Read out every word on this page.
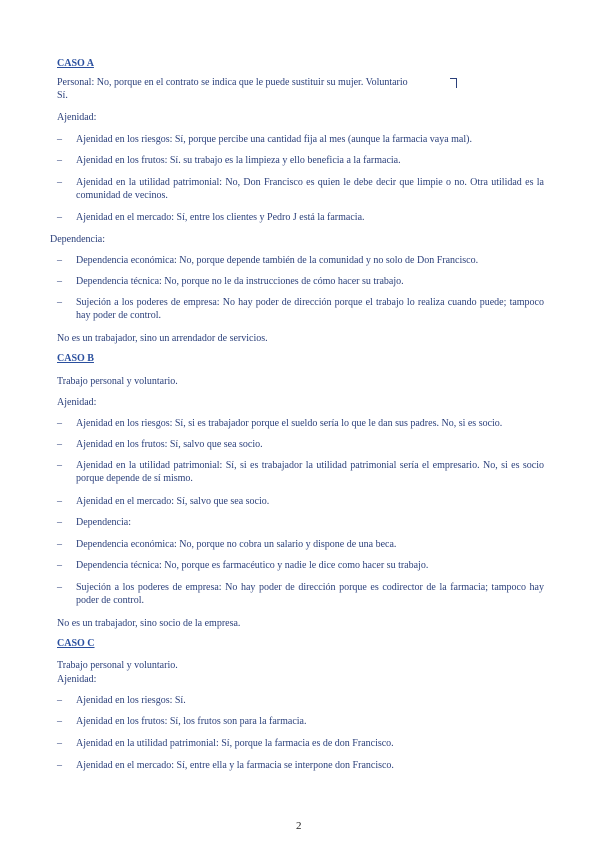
CASO A
Personal: No, porque en el contrato se indica que le puede sustituir su mujer. Voluntario
Sí.
Ajenidad:
– Ajenidad en los riesgos: Sí, porque percibe una cantidad fija al mes (aunque la farmacia vaya mal).
– Ajenidad en los frutos: Sí. su trabajo es la limpieza y ello beneficia a la farmacia.
– Ajenidad en la utilidad patrimonial: No, Don Francisco es quien le debe decir que limpie o no. Otra utilidad es la comunidad de vecinos.
– Ajenidad en el mercado: Sí, entre los clientes y Pedro J está la farmacia.
Dependencia:
– Dependencia económica: No, porque depende también de la comunidad y no solo de Don Francisco.
– Dependencia técnica: No, porque no le da instrucciones de cómo hacer su trabajo.
– Sujeción a los poderes de empresa: No hay poder de dirección porque el trabajo lo realiza cuando puede; tampoco hay poder de control.
No es un trabajador, sino un arrendador de servicios.
CASO B
Trabajo personal y voluntario.
Ajenidad:
– Ajenidad en los riesgos: Sí, si es trabajador porque el sueldo sería lo que le dan sus padres. No, si es socio.
– Ajenidad en los frutos: Sí, salvo que sea socio.
– Ajenidad en la utilidad patrimonial: Sí, si es trabajador la utilidad patrimonial sería el empresario. No, si es socio porque depende de sí mismo.
– Ajenidad en el mercado: Sí, salvo que sea socio.
– Dependencia:
– Dependencia económica: No, porque no cobra un salario y dispone de una beca.
– Dependencia técnica: No, porque es farmacéutico y nadie le dice como hacer su trabajo.
– Sujeción a los poderes de empresa: No hay poder de dirección porque es codirector de la farmacia; tampoco hay poder de control.
No es un trabajador, sino socio de la empresa.
CASO C
Trabajo personal y voluntario.
Ajenidad:
– Ajenidad en los riesgos: Sí.
– Ajenidad en los frutos: Sí, los frutos son para la farmacia.
– Ajenidad en la utilidad patrimonial: Sí, porque la farmacia es de don Francisco.
– Ajenidad en el mercado: Sí, entre ella y la farmacia se interpone don Francisco.
2
